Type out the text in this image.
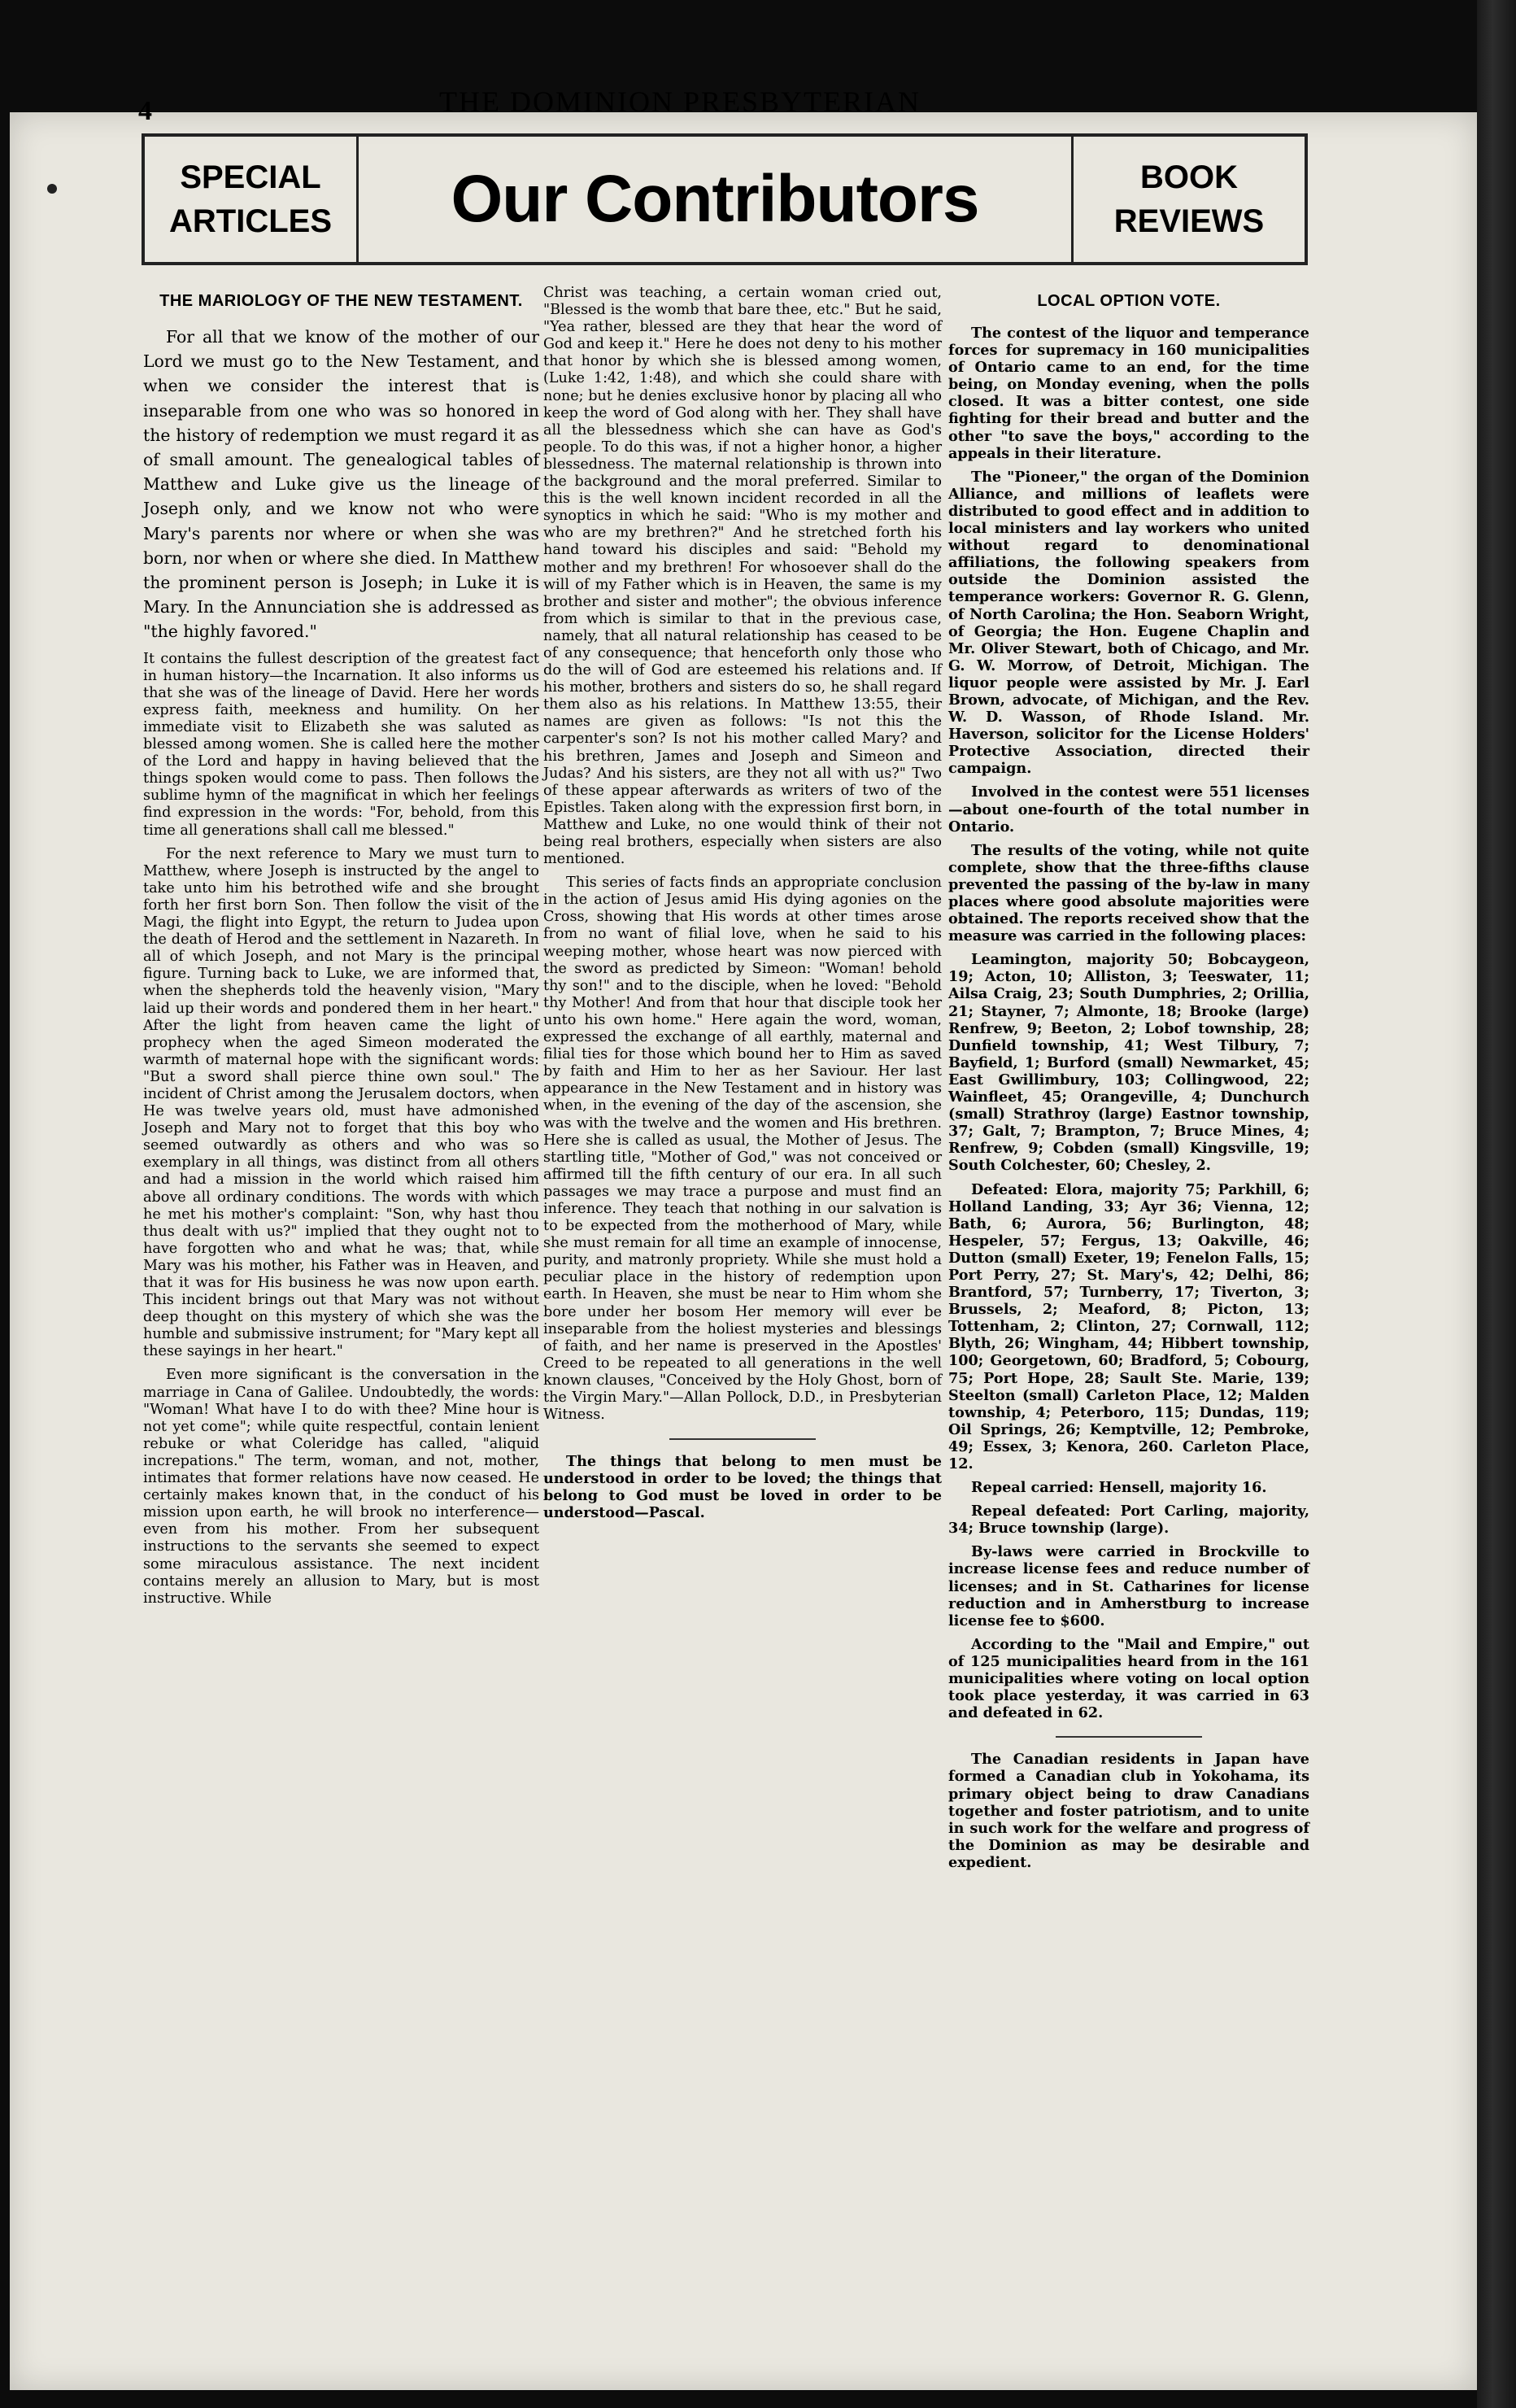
4	THE DOMINION PRESBYTERIAN
SPECIAL
ARTICLES	Our Contributors	BOOK
REVIEWS
THE MARIOLOGY OF THE NEW TESTAMENT.

For all that we know of the mother of our Lord we must go to the New Testament, and when we consider the interest that is inseparable from one who was so honored in the history of redemption we must regard it as of small amount. The genealogical tables of Matthew and Luke give us the lineage of Joseph only, and we know not who were Mary's parents nor where or when she was born, nor when or where she died. In Matthew the prominent person is Joseph; in Luke it is Mary. In the Annunciation she is addressed as "the highly favored."

It contains the fullest description of the greatest fact in human history—the Incarnation. It also informs us that she was of the lineage of David. Here her words express faith, meekness and humility. On her immediate visit to Elizabeth she was saluted as blessed among women. She is called here the mother of the Lord and happy in having believed that the things spoken would come to pass. Then follows the sublime hymn of the magnificat in which her feelings find expression in the words: "For, behold, from this time all generations shall call me blessed."

For the next reference to Mary we must turn to Matthew, where Joseph is instructed by the angel to take unto him his betrothed wife and she brought forth her first born Son. Then follow the visit of the Magi, the flight into Egypt, the return to Judea upon the death of Herod and the settlement in Nazareth. In all of which Joseph, and not Mary is the principal figure. Turning back to Luke, we are informed that, when the shepherds told the heavenly vision, "Mary laid up their words and pondered them in her heart." After the light from heaven came the light of prophecy when the aged Simeon moderated the warmth of maternal hope with the significant words: "But a sword shall pierce thine own soul." The incident of Christ among the Jerusalem doctors, when He was twelve years old, must have admonished Joseph and Mary not to forget that this boy who seemed outwardly as others and who was so exemplary in all things, was distinct from all others and had a mission in the world which raised him above all ordinary conditions. The words with which he met his mother's complaint: "Son, why hast thou thus dealt with us?" implied that they ought not to have forgotten who and what he was; that, while Mary was his mother, his Father was in Heaven, and that it was for His business he was now upon earth. This incident brings out that Mary was not without deep thought on this mystery of which she was the humble and submissive instrument; for "Mary kept all these sayings in her heart."

Even more significant is the conversation in the marriage in Cana of Galilee. Undoubtedly, the words: "Woman! What have I to do with thee? Mine hour is not yet come"; while quite respectful, contain lenient rebuke or what Coleridge has called, "aliquid increpations." The term, woman, and not, mother, intimates that former relations have now ceased. He certainly makes known that, in the conduct of his mission upon earth, he will brook no interference—even from his mother. From her subsequent instructions to the servants she seemed to expect some miraculous assistance. The next incident contains merely an allusion to Mary, but is most instructive. While

Christ was teaching, a certain woman cried out, "Blessed is the womb that bare thee, etc." But he said, "Yea rather, blessed are they that hear the word of God and keep it." Here he does not deny to his mother that honor by which she is blessed among women, (Luke 1:42, 1:48), and which she could share with none; but he denies exclusive honor by placing all who keep the word of God along with her. They shall have all the blessedness which she can have as God's people. To do this was, if not a higher honor, a higher blessedness. The maternal relationship is thrown into the background and the moral preferred. Similar to this is the well known incident recorded in all the synoptics in which he said: "Who is my mother and who are my brethren?" And he stretched forth his hand toward his disciples and said: "Behold my mother and my brethren! For whosoever shall do the will of my Father which is in Heaven, the same is my brother and sister and mother"; the obvious inference from which is similar to that in the previous case, namely, that all natural relationship has ceased to be of any consequence; that henceforth only those who do the will of God are esteemed his relations and. If his mother, brothers and sisters do so, he shall regard them also as his relations. In Matthew 13:55, their names are given as follows: "Is not this the carpenter's son? Is not his mother called Mary? and his brethren, James and Joseph and Simeon and Judas? And his sisters, are they not all with us?" Two of these appear afterwards as writers of two of the Epistles. Taken along with the expression first born, in Matthew and Luke, no one would think of their not being real brothers, especially when sisters are also mentioned.

This series of facts finds an appropriate conclusion in the action of Jesus amid His dying agonies on the Cross, showing that His words at other times arose from no want of filial love, when he said to his weeping mother, whose heart was now pierced with the sword as predicted by Simeon: "Woman! behold thy son!" and to the disciple, when he loved: "Behold thy Mother! And from that hour that disciple took her unto his own home." Here again the word, woman, expressed the exchange of all earthly, maternal and filial ties for those which bound her to Him as saved by faith and Him to her as her Saviour. Her last appearance in the New Testament and in history was when, in the evening of the day of the ascension, she was with the twelve and the women and His brethren. Here she is called as usual, the Mother of Jesus. The startling title, "Mother of God," was not conceived or affirmed till the fifth century of our era. In all such passages we may trace a purpose and must find an inference. They teach that nothing in our salvation is to be expected from the motherhood of Mary, while she must remain for all time an example of innocense, purity, and matronly propriety. While she must hold a peculiar place in the history of redemption upon earth. In Heaven, she must be near to Him whom she bore under her bosom Her memory will ever be inseparable from the holiest mysteries and blessings of faith, and her name is preserved in the Apostles' Creed to be repeated to all generations in the well known clauses, "Conceived by the Holy Ghost, born of the Virgin Mary."—Allan Pollock, D.D., in Presbyterian Witness.

The things that belong to men must be understood in order to be loved; the things that belong to God must be loved in order to be understood—Pascal.

LOCAL OPTION VOTE.

The contest of the liquor and temperance forces for supremacy in 160 municipalities of Ontario came to an end, for the time being, on Monday evening, when the polls closed. It was a bitter contest, one side fighting for their bread and butter and the other "to save the boys," according to the appeals in their literature.

The "Pioneer," the organ of the Dominion Alliance, and millions of leaflets were distributed to good effect and in addition to local ministers and lay workers who united without regard to denominational affiliations, the following speakers from outside the Dominion assisted the temperance workers: Governor R. G. Glenn, of North Carolina; the Hon. Seaborn Wright, of Georgia; the Hon. Eugene Chaplin and Mr. Oliver Stewart, both of Chicago, and Mr. G. W. Morrow, of Detroit, Michigan. The liquor people were assisted by Mr. J. Earl Brown, advocate, of Michigan, and the Rev. W. D. Wasson, of Rhode Island. Mr. Haverson, solicitor for the License Holders' Protective Association, directed their campaign.

Involved in the contest were 551 licenses—about one-fourth of the total number in Ontario.

The results of the voting, while not quite complete, show that the three-fifths clause prevented the passing of the by-law in many places where good absolute majorities were obtained. The reports received show that the measure was carried in the following places:

Leamington, majority 50; Bobcaygeon, 19; Acton, 10; Alliston, 3; Teeswater, 11; Ailsa Craig, 23; South Dumphries, 2; Orillia, 21; Stayner, 7; Almonte, 18; Brooke (large) Renfrew, 9; Beeton, 2; Lobof township, 28; Dunfield township, 41; West Tilbury, 7; Bayfield, 1; Burford (small) Newmarket, 45; East Gwillimbury, 103; Collingwood, 22; Wainfleet, 45; Orangeville, 4; Dunchurch (small) Strathroy (large) Eastnor township, 37; Galt, 7; Brampton, 7; Bruce Mines, 4; Renfrew, 9; Cobden (small) Kingsville, 19; South Colchester, 60; Chesley, 2.

Defeated: Elora, majority 75; Parkhill, 6; Holland Landing, 33; Ayr 36; Vienna, 12; Bath, 6; Aurora, 56; Burlington, 48; Hespeler, 57; Fergus, 13; Oakville, 46; Dutton (small) Exeter, 19; Fenelon Falls, 15; Port Perry, 27; St. Mary's, 42; Delhi, 86; Brantford, 57; Turnberry, 17; Tiverton, 3; Brussels, 2; Meaford, 8; Picton, 13; Tottenham, 2; Clinton, 27; Cornwall, 112; Blyth, 26; Wingham, 44; Hibbert township, 100; Georgetown, 60; Bradford, 5; Cobourg, 75; Port Hope, 28; Sault Ste. Marie, 139; Steelton (small) Carleton Place, 12; Malden township, 4; Peterboro, 115; Dundas, 119; Oil Springs, 26; Kemptville, 12; Pembroke, 49; Essex, 3; Kenora, 260. Carleton Place, 12.

Repeal carried: Hensell, majority 16.

Repeal defeated: Port Carling, majority, 34; Bruce township (large).

By-laws were carried in Brockville to increase license fees and reduce number of licenses; and in St. Catharines for license reduction and in Amherstburg to increase license fee to $600.

According to the "Mail and Empire," out of 125 municipalities heard from in the 161 municipalities where voting on local option took place yesterday, it was carried in 63 and defeated in 62.

The Canadian residents in Japan have formed a Canadian club in Yokohama, its primary object being to draw Canadians together and foster patriotism, and to unite in such work for the welfare and progress of the Dominion as may be desirable and expedient.
